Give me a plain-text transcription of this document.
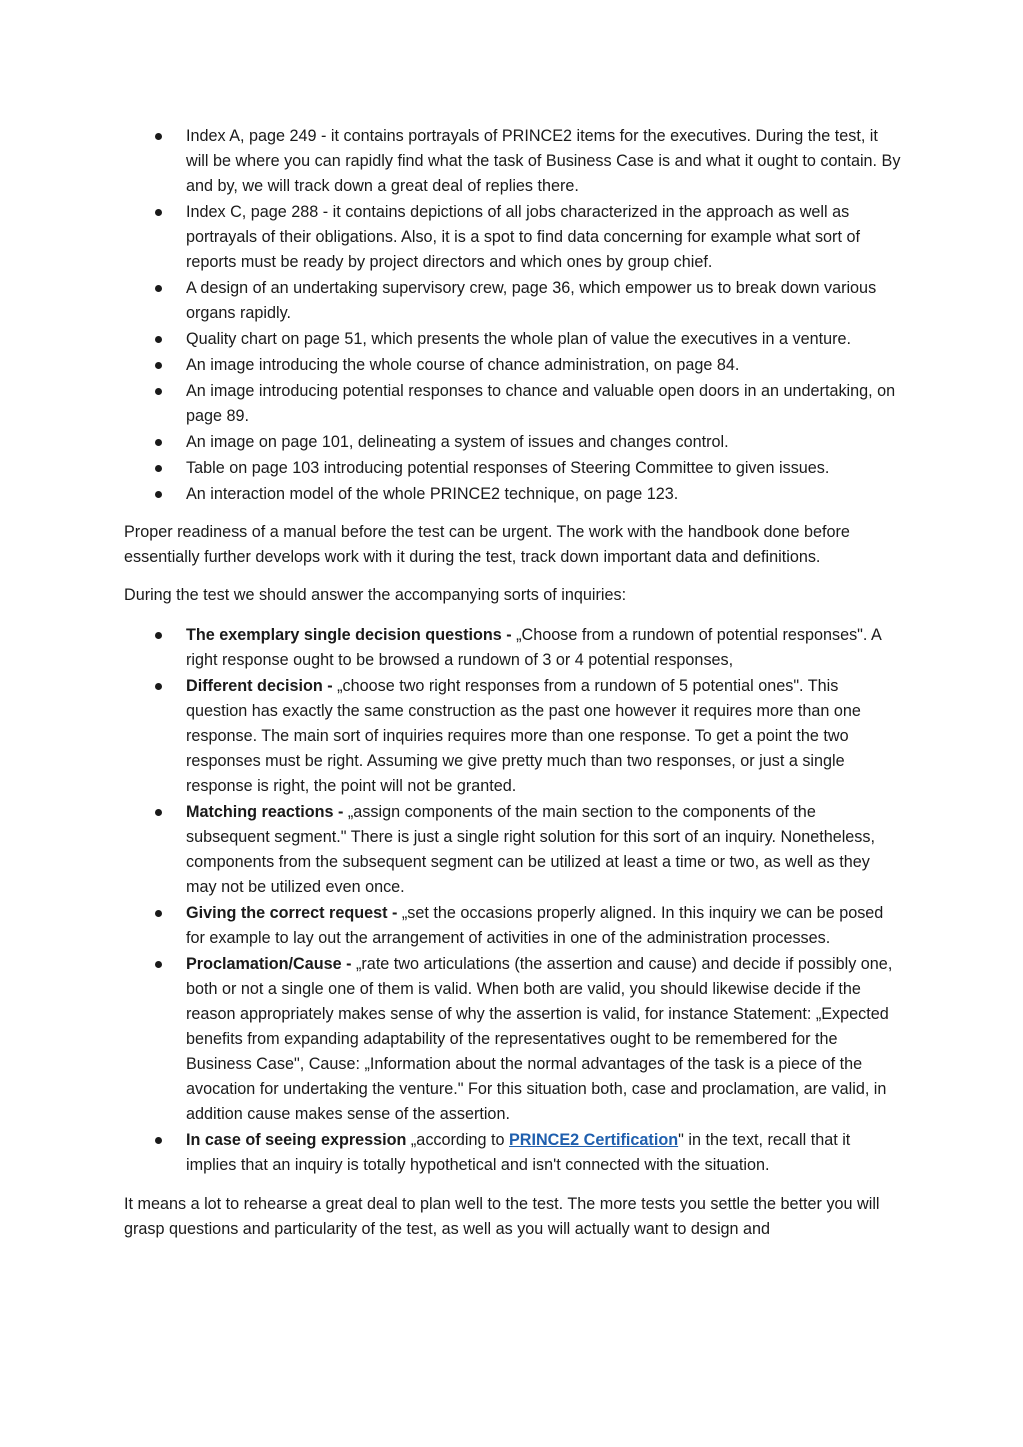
Index A, page 249 - it contains portrayals of PRINCE2 items for the executives. During the test, it will be where you can rapidly find what the task of Business Case is and what it ought to contain. By and by, we will track down a great deal of replies there.
Index C, page 288 - it contains depictions of all jobs characterized in the approach as well as portrayals of their obligations. Also, it is a spot to find data concerning for example what sort of reports must be ready by project directors and which ones by group chief.
A design of an undertaking supervisory crew, page 36, which empower us to break down various organs rapidly.
Quality chart on page 51, which presents the whole plan of value the executives in a venture.
An image introducing the whole course of chance administration, on page 84.
An image introducing potential responses to chance and valuable open doors in an undertaking, on page 89.
An image on page 101, delineating a system of issues and changes control.
Table on page 103 introducing potential responses of Steering Committee to given issues.
An interaction model of the whole PRINCE2 technique, on page 123.

Proper readiness of a manual before the test can be urgent. The work with the handbook done before essentially further develops work with it during the test, track down important data and definitions.

During the test we should answer the accompanying sorts of inquiries:

The exemplary single decision questions - „Choose from a rundown of potential responses". A right response ought to be browsed a rundown of 3 or 4 potential responses,
Different decision - „choose two right responses from a rundown of 5 potential ones". This question has exactly the same construction as the past one however it requires more than one response. The main sort of inquiries requires more than one response. To get a point the two responses must be right. Assuming we give pretty much than two responses, or just a single response is right, the point will not be granted.
Matching reactions - „assign components of the main section to the components of the subsequent segment." There is just a single right solution for this sort of an inquiry. Nonetheless, components from the subsequent segment can be utilized at least a time or two, as well as they may not be utilized even once.
Giving the correct request - „set the occasions properly aligned. In this inquiry we can be posed for example to lay out the arrangement of activities in one of the administration processes.
Proclamation/Cause - „rate two articulations (the assertion and cause) and decide if possibly one, both or not a single one of them is valid. When both are valid, you should likewise decide if the reason appropriately makes sense of why the assertion is valid, for instance Statement: „Expected benefits from expanding adaptability of the representatives ought to be remembered for the Business Case", Cause: „Information about the normal advantages of the task is a piece of the avocation for undertaking the venture." For this situation both, case and proclamation, are valid, in addition cause makes sense of the assertion.
In case of seeing expression „according to PRINCE2 Certification" in the text, recall that it implies that an inquiry is totally hypothetical and isn't connected with the situation.

It means a lot to rehearse a great deal to plan well to the test. The more tests you settle the better you will grasp questions and particularity of the test, as well as you will actually want to design and
